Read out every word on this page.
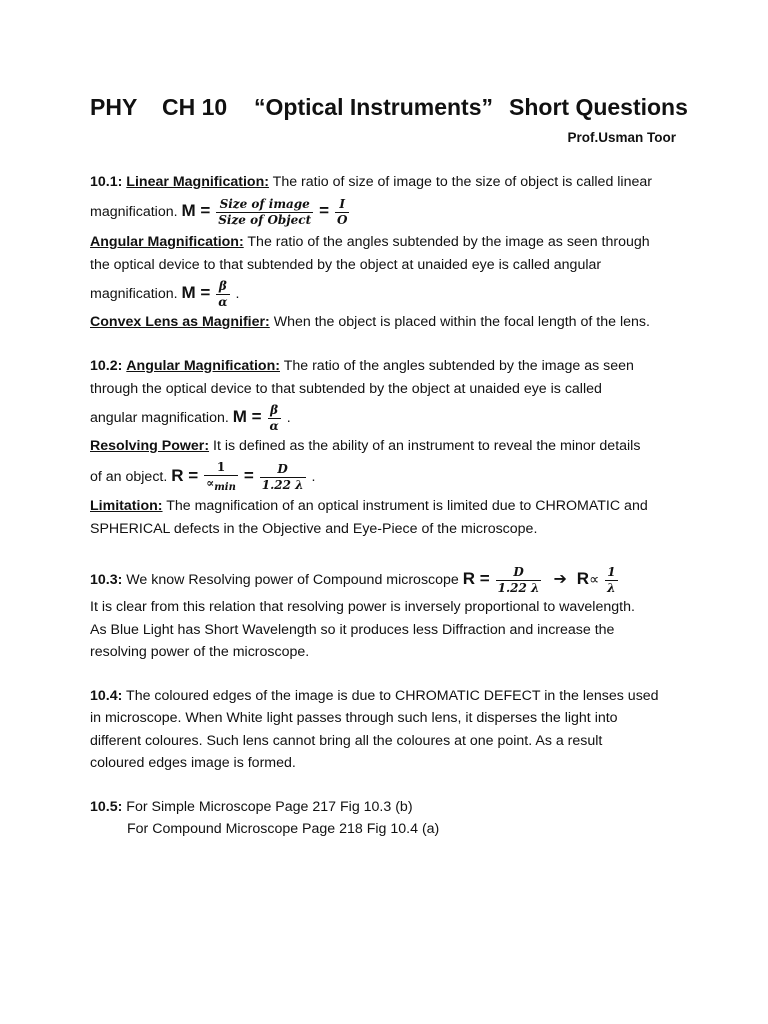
PHY CH 10 “Optical Instruments” Short Questions
Prof.Usman Toor
10.1: Linear Magnification: The ratio of size of image to the size of object is called linear
magnification. $M = \frac{\text{Size of image}}{\text{Size of Object}} = \frac{I}{O}$
Angular Magnification: The ratio of the angles subtended by the image as seen through
the optical device to that subtended by the object at unaided eye is called angular
magnification. $M = \frac{\beta}{\alpha}$ .
Convex Lens as Magnifier: When the object is placed within the focal length of the lens.
10.2: Angular Magnification: The ratio of the angles subtended by the image as seen
through the optical device to that subtended by the object at unaided eye is called
angular magnification. $M = \frac{\beta}{\alpha}$ .
Resolving Power: It is defined as the ability of an instrument to reveal the minor details
of an object. $R = \frac{1}{\propto_{min}} = \frac{D}{1.22 \lambda}$ .
Limitation: The magnification of an optical instrument is limited due to CHROMATIC and
SPHERICAL defects in the Objective and Eye-Piece of the microscope.
10.3: We know Resolving power of Compound microscope $R = \frac{D}{1.22 \lambda}$ ➔ $R\propto \frac{1}{\lambda}$
It is clear from this relation that resolving power is inversely proportional to wavelength.
As Blue Light has Short Wavelength so it produces less Diffraction and increase the
resolving power of the microscope.
10.4: The coloured edges of the image is due to CHROMATIC DEFECT in the lenses used
in microscope. When White light passes through such lens, it disperses the light into
different coloures. Such lens cannot bring all the coloures at one point. As a result
coloured edges image is formed.
10.5: For Simple Microscope Page 217 Fig 10.3 (b)
For Compound Microscope Page 218 Fig 10.4 (a)
